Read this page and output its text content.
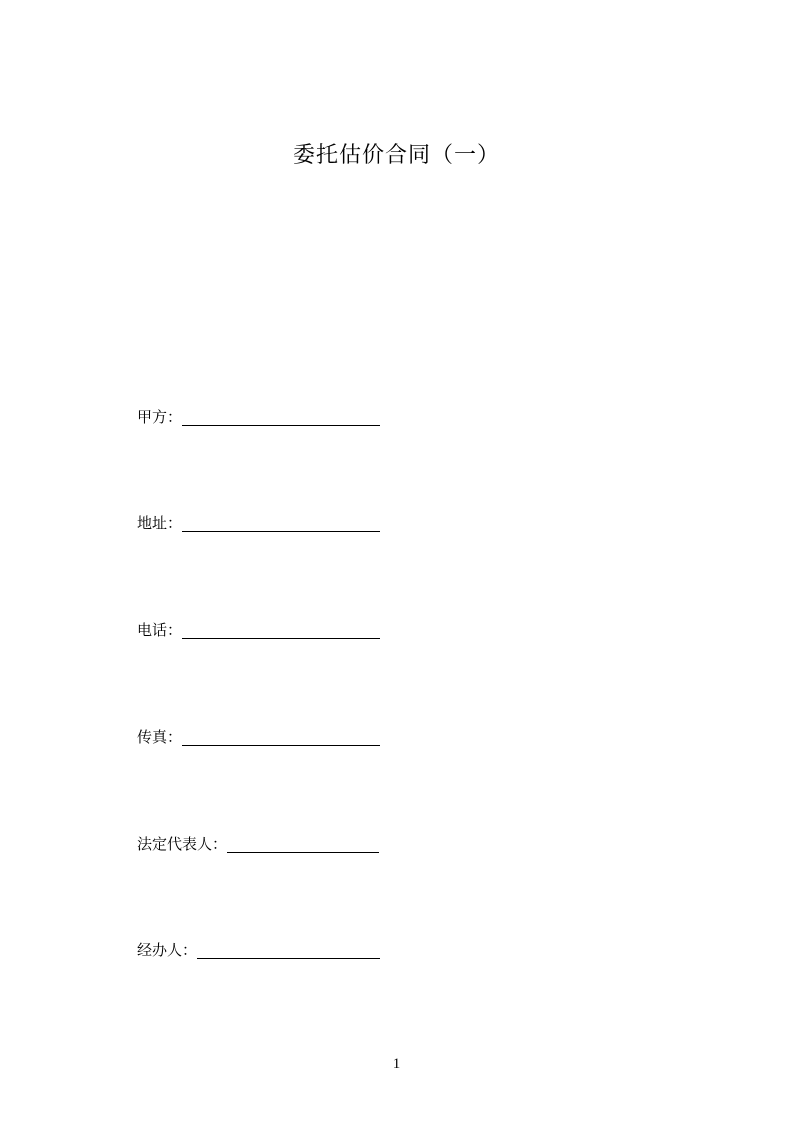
委托估价合同（一）
甲方：
地址：
电话：
传真：
法定代表人：
经办人：
1
